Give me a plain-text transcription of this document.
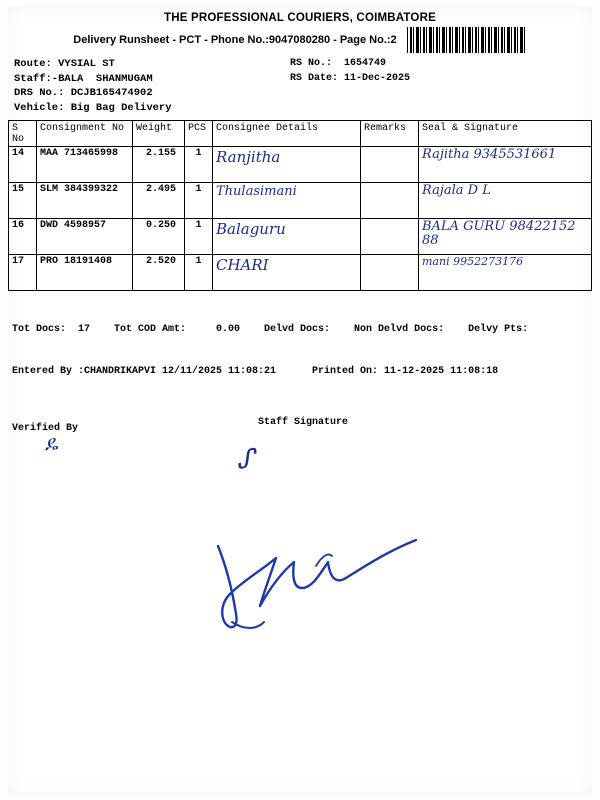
THE PROFESSIONAL COURIERS, COIMBATORE
Delivery Runsheet - PCT - Phone No.:9047080280 - Page No.:2
Route: VYSIAL ST
Staff:-BALA  SHANMUGAM
DRS No.: DCJB165474902
Vehicle: Big Bag Delivery
RS No.:  1654749
RS Date: 11-Dec-2025
S No	Consignment No	Weight	PCS	Consignee Details	Remarks	Seal & Signature
14	MAA 713465998	2.155	1	Ranjitha		Rajitha 9345531661

15	SLM 384399322	2.495	1	Thulasimani		Rajala D L

16	DWD 4598957	0.250	1	Balaguru		BALA GURU 98422152 88

17	PRO 18191408	2.520	1	CHARI		mani 9952273176

Tot Docs:  17    Tot COD Amt:     0.00    Delvd Docs:    Non Delvd Docs:    Delvy Pts:

Entered By :CHANDRIKAPVI 12/11/2025 11:08:21      Printed On: 11-12-2025 11:08:18

Verified By
Staff Signature
ዴ
ᔑ
